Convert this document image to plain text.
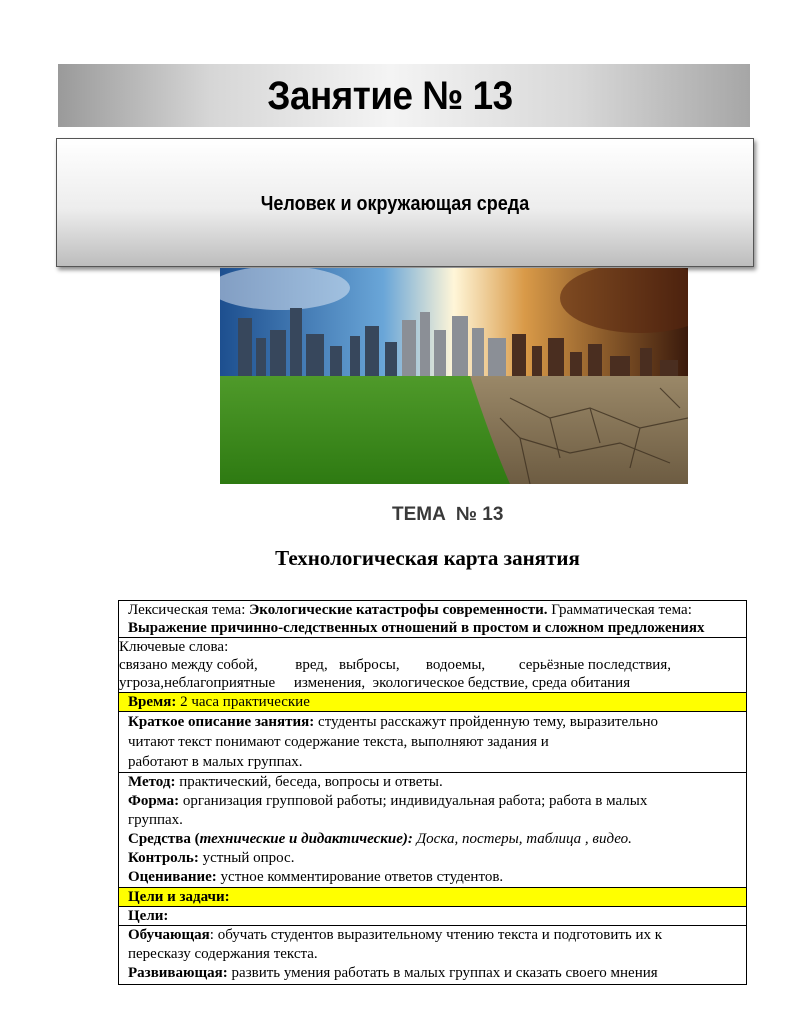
Занятие № 13
Человек и окружающая среда
ТЕМА № 13
Технологическая карта занятия
Лексическая тема: Экологические катастрофы современности. Грамматическая тема:
Выражение причинно-следственных отношений в простом и сложном предложениях
Ключевые слова:
связано между собой,          вред,   выбросы,       водоемы,         серьёзные последствия,
угроза,неблагоприятные     изменения,  экологическое бедствие, среда обитания
Время: 2 часа практические
Краткое описание занятия: студенты расскажут пройденную тему, выразительно
читают текст понимают содержание текста, выполняют задания и
работают в малых группах.
Метод: практический, беседа, вопросы и ответы.
Форма: организация групповой работы; индивидуальная работа; работа в малых
группах.
Средства (технические и дидактические): Доска, постеры, таблица , видео.
Контроль: устный опрос.
Оценивание: устное комментирование ответов студентов.
Цели и задачи:
Цели:
Обучающая: обучать студентов выразительному чтению текста и подготовить их к
пересказу содержания текста.
Развивающая: развить умения работать в малых группах и сказать своего мнения
